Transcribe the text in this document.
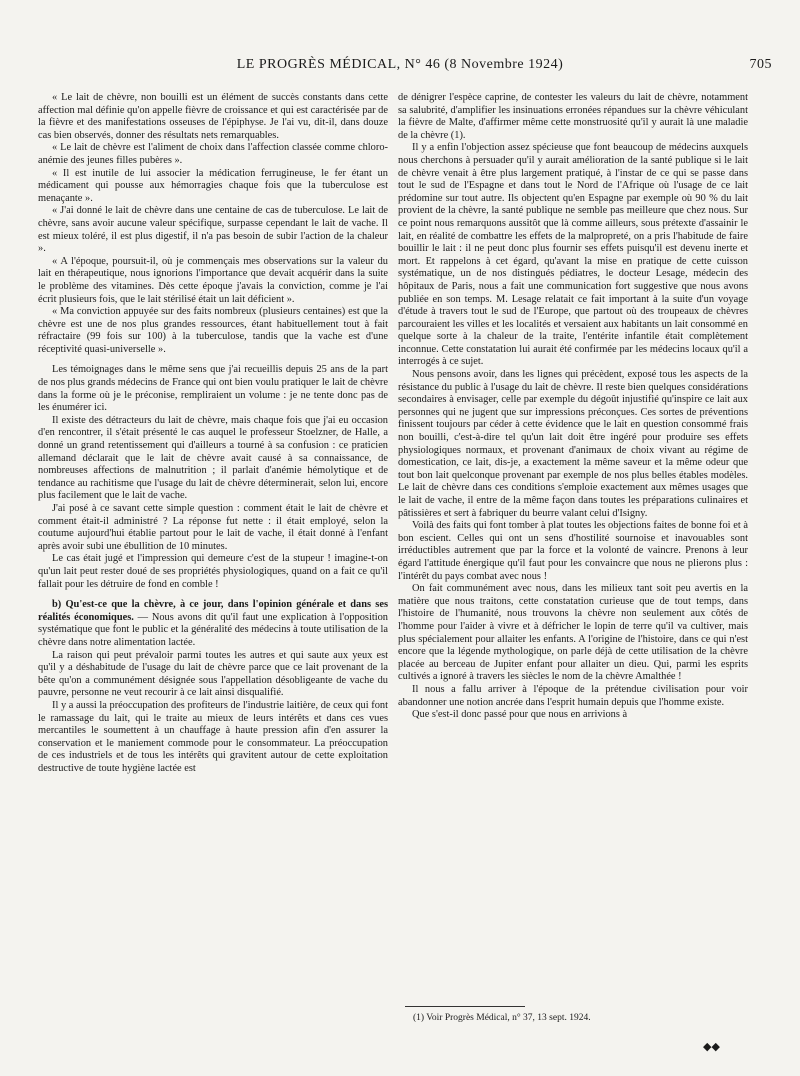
LE PROGRÈS MÉDICAL, N° 46 (8 Novembre 1924)	705

« Le lait de chèvre, non bouilli est un élément de succès constants dans cette affection mal définie qu'on appelle fièvre de croissance et qui est caractérisée par de la fièvre et des manifestations osseuses de l'épiphyse. Je l'ai vu, dit-il, dans douze cas bien observés, donner des résultats nets remarquables.

« Le lait de chèvre est l'aliment de choix dans l'affection classée comme chloro-anémie des jeunes filles pubères ».

« Il est inutile de lui associer la médication ferrugineuse, le fer étant un médicament qui pousse aux hémorragies chaque fois que la tuberculose est menaçante ».

« J'ai donné le lait de chèvre dans une centaine de cas de tuberculose. Le lait de chèvre, sans avoir aucune valeur spécifique, surpasse cependant le lait de vache. Il est mieux toléré, il est plus digestif, il n'a pas besoin de subir l'action de la chaleur ».

« A l'époque, poursuit-il, où je commençais mes observations sur la valeur du lait en thérapeutique, nous ignorions l'importance que devait acquérir dans la suite le problème des vitamines. Dès cette époque j'avais la conviction, comme je l'ai écrit plusieurs fois, que le lait stérilisé était un lait déficient ».

« Ma conviction appuyée sur des faits nombreux (plusieurs centaines) est que la chèvre est une de nos plus grandes ressources, étant habituellement tout à fait réfractaire (99 fois sur 100) à la tuberculose, tandis que la vache est d'une réceptivité quasi-universelle ».

Les témoignages dans le même sens que j'ai recueillis depuis 25 ans de la part de nos plus grands médecins de France qui ont bien voulu pratiquer le lait de chèvre dans la forme où je le préconise, rempliraient un volume : je ne tente donc pas de les énumérer ici.

Il existe des détracteurs du lait de chèvre, mais chaque fois que j'ai eu occasion d'en rencontrer, il s'était présenté le cas auquel le professeur Stoelzner, de Halle, a donné un grand retentissement qui d'ailleurs a tourné à sa confusion : ce praticien allemand déclarait que le lait de chèvre avait causé à sa connaissance, de nombreuses affections de malnutrition ; il parlait d'anémie hémolytique et de tendance au rachitisme que l'usage du lait de chèvre déterminerait, selon lui, encore plus facilement que le lait de vache.

J'ai posé à ce savant cette simple question : comment était le lait de chèvre et comment était-il administré ? La réponse fut nette : il était employé, selon la coutume aujourd'hui établie partout pour le lait de vache, il était donné à l'enfant après avoir subi une ébullition de 10 minutes.

Le cas était jugé et l'impression qui demeure c'est de la stupeur ! imagine-t-on qu'un lait peut rester doué de ses propriétés physiologiques, quand on a fait ce qu'il fallait pour les détruire de fond en comble !

b) Qu'est-ce que la chèvre, à ce jour, dans l'opinion générale et dans ses réalités économiques. — Nous avons dit qu'il faut une explication à l'opposition systématique que font le public et la généralité des médecins à toute utilisation de la chèvre dans notre alimentation lactée.

La raison qui peut prévaloir parmi toutes les autres et qui saute aux yeux est qu'il y a déshabitude de l'usage du lait de chèvre parce que ce lait provenant de la bête qu'on a communément désignée sous l'appellation désobligeante de vache du pauvre, personne ne veut recourir à ce lait ainsi disqualifié.

Il y a aussi la préoccupation des profiteurs de l'industrie laitière, de ceux qui font le ramassage du lait, qui le traite au mieux de leurs intérêts et dans ces vues mercantiles le soumettent à un chauffage à haute pression afin d'en assurer la conservation et le maniement commode pour le consommateur. La préoccupation de ces industriels et de tous les intérêts qui gravitent autour de cette exploitation destructive de toute hygiène lactée est

de dénigrer l'espèce caprine, de contester les valeurs du lait de chèvre, notamment sa salubrité, d'amplifier les insinuations erronées répandues sur la chèvre véhiculant la fièvre de Malte, d'affirmer même cette monstruosité qu'il y aurait là une maladie de la chèvre (1).

Il y a enfin l'objection assez spécieuse que font beaucoup de médecins auxquels nous cherchons à persuader qu'il y aurait amélioration de la santé publique si le lait de chèvre venait à être plus largement pratiqué, à l'instar de ce qui se passe dans tout le sud de l'Espagne et dans tout le Nord de l'Afrique où l'usage de ce lait prédomine sur tout autre. Ils objectent qu'en Espagne par exemple où 90 % du lait provient de la chèvre, la santé publique ne semble pas meilleure que chez nous. Sur ce point nous remarquons aussitôt que là comme ailleurs, sous prétexte d'assainir le lait, en réalité de combattre les effets de la malpropreté, on a pris l'habitude de faire bouillir le lait : il ne peut donc plus fournir ses effets puisqu'il est devenu inerte et mort. Et rappelons à cet égard, qu'avant la mise en pratique de cette cuisson systématique, un de nos distingués pédiatres, le docteur Lesage, médecin des hôpitaux de Paris, nous a fait une communication fort suggestive que nous avons publiée en son temps. M. Lesage relatait ce fait important à la suite d'un voyage d'étude à travers tout le sud de l'Europe, que partout où des troupeaux de chèvres parcouraient les villes et les localités et versaient aux habitants un lait consommé en quelque sorte à la chaleur de la traite, l'entérite infantile était complètement inconnue. Cette constatation lui aurait été confirmée par les médecins locaux qu'il a interrogés à ce sujet.

Nous pensons avoir, dans les lignes qui précèdent, exposé tous les aspects de la résistance du public à l'usage du lait de chèvre. Il reste bien quelques considérations secondaires à envisager, celle par exemple du dégoût injustifié qu'inspire ce lait aux personnes qui ne jugent que sur impressions préconçues. Ces sortes de préventions finissent toujours par céder à cette évidence que le lait en question consommé frais non bouilli, c'est-à-dire tel qu'un lait doit être ingéré pour produire ses effets physiologiques normaux, et provenant d'animaux de choix vivant au régime de domestication, ce lait, dis-je, a exactement la même saveur et la même odeur que tout bon lait quelconque provenant par exemple de nos plus belles étables modèles. Le lait de chèvre dans ces conditions s'emploie exactement aux mêmes usages que le lait de vache, il entre de la même façon dans toutes les préparations culinaires et pâtissières et sert à fabriquer du beurre valant celui d'Isigny.

Voilà des faits qui font tomber à plat toutes les objections faites de bonne foi et à bon escient. Celles qui ont un sens d'hostilité sournoise et inavouables sont irréductibles autrement que par la force et la volonté de vaincre. Prenons à leur égard l'attitude énergique qu'il faut pour les convaincre que nous ne plierons plus : l'intérêt du pays combat avec nous !

On fait communément avec nous, dans les milieux tant soit peu avertis en la matière que nous traitons, cette constatation curieuse que de tout temps, dans l'histoire de l'humanité, nous trouvons la chèvre non seulement aux côtés de l'homme pour l'aider à vivre et à défricher le lopin de terre qu'il va cultiver, mais plus spécialement pour allaiter les enfants. A l'origine de l'histoire, dans ce qui n'est encore que la légende mythologique, on parle déjà de cette utilisation de la chèvre placée au berceau de Jupiter enfant pour allaiter un dieu. Qui, parmi les esprits cultivés a ignoré à travers les siècles le nom de la chèvre Amalthée !

Il nous a fallu arriver à l'époque de la prétendue civilisation pour voir abandonner une notion ancrée dans l'esprit humain depuis que l'homme existe.

Que s'est-il donc passé pour que nous en arrivions à

(1) Voir Progrès Médical, n° 37, 13 sept. 1924.
◆◆
